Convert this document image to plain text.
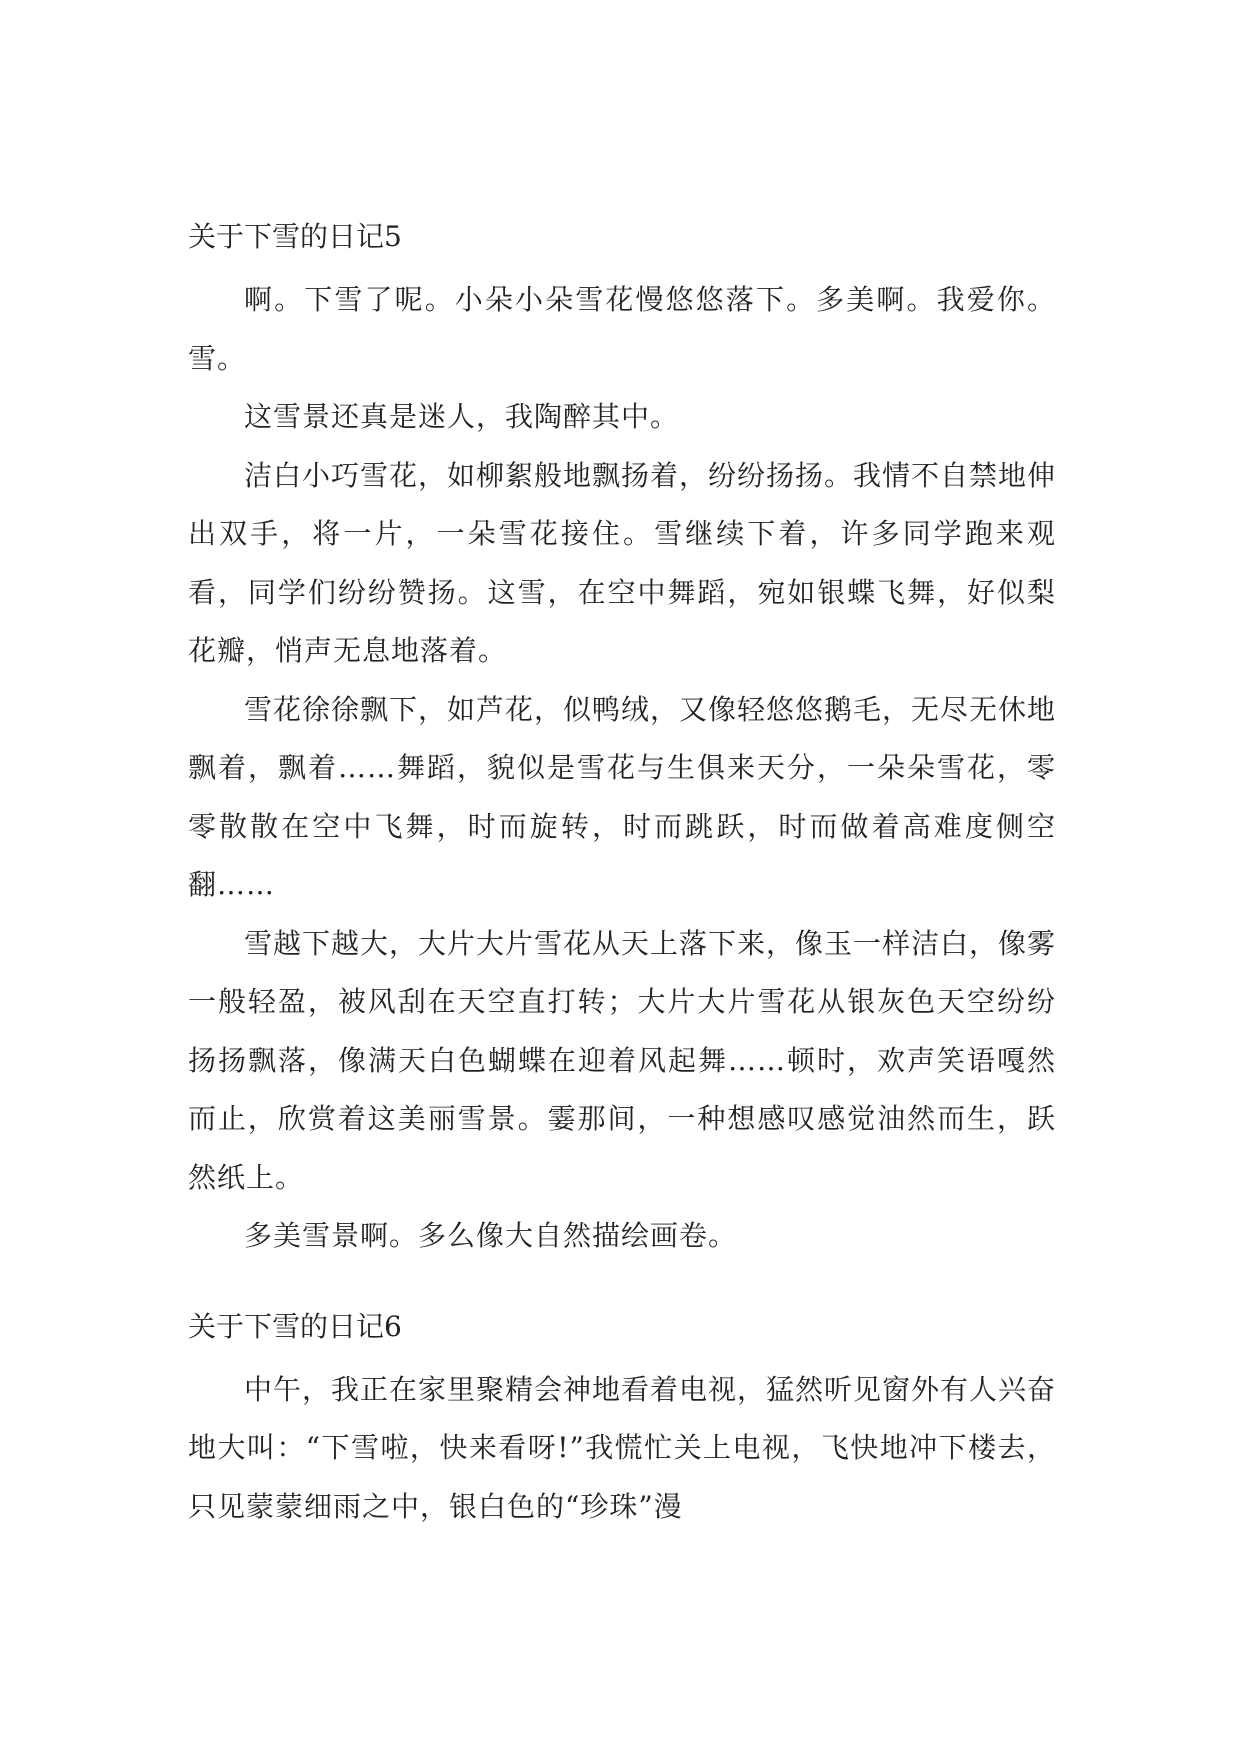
关于下雪的日记5

啊。下雪了呢。小朵小朵雪花慢悠悠落下。多美啊。我爱你。雪。

这雪景还真是迷人，我陶醉其中。

洁白小巧雪花，如柳絮般地飘扬着，纷纷扬扬。我情不自禁地伸出双手，将一片，一朵雪花接住。雪继续下着，许多同学跑来观看，同学们纷纷赞扬。这雪，在空中舞蹈，宛如银蝶飞舞，好似梨花瓣，悄声无息地落着。

雪花徐徐飘下，如芦花，似鸭绒，又像轻悠悠鹅毛，无尽无休地飘着，飘着……舞蹈，貌似是雪花与生俱来天分，一朵朵雪花，零零散散在空中飞舞，时而旋转，时而跳跃，时而做着高难度侧空翻……

雪越下越大，大片大片雪花从天上落下来，像玉一样洁白，像雾一般轻盈，被风刮在天空直打转；大片大片雪花从银灰色天空纷纷扬扬飘落，像满天白色蝴蝶在迎着风起舞……顿时，欢声笑语嘎然而止，欣赏着这美丽雪景。霎那间，一种想感叹感觉油然而生，跃然纸上。

多美雪景啊。多么像大自然描绘画卷。

关于下雪的日记6

中午，我正在家里聚精会神地看着电视，猛然听见窗外有人兴奋地大叫：“下雪啦，快来看呀!”我慌忙关上电视，飞快地冲下楼去，只见蒙蒙细雨之中，银白色的“珍珠”漫
